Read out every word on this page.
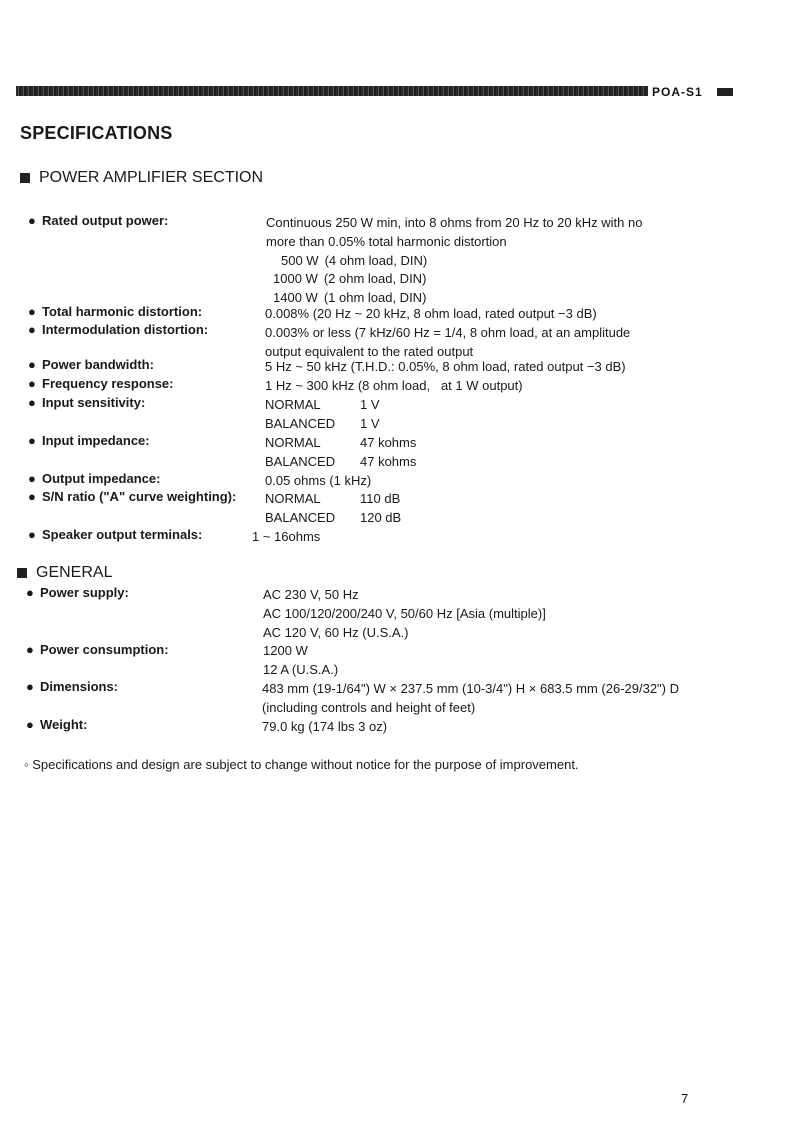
POA-S1
SPECIFICATIONS
POWER AMPLIFIER SECTION
● Rated output power:	Continuous 250 W min, into 8 ohms from 20 Hz to 20 kHz with no
more than 0.05% total harmonic distortion
500 W (4 ohm load, DIN)
1000 W (2 ohm load, DIN)
1400 W (1 ohm load, DIN)
● Total harmonic distortion:	0.008% (20 Hz ~ 20 kHz, 8 ohm load, rated output −3 dB)
● Intermodulation distortion:	0.003% or less (7 kHz/60 Hz = 1/4, 8 ohm load, at an amplitude
output equivalent to the rated output
● Power bandwidth:	5 Hz ~ 50 kHz (T.H.D.: 0.05%, 8 ohm load, rated output −3 dB)
● Frequency response:	1 Hz ~ 300 kHz (8 ohm load,   at 1 W output)
● Input sensitivity:	NORMAL	1 V
BALANCED 1 V
● Input impedance:	NORMAL	47 kohms
BALANCED 47 kohms
● Output impedance:	0.05 ohms (1 kHz)
● S/N ratio ("A" curve weighting): NORMAL	110 dB
BALANCED 120 dB
● Speaker output terminals:	1 ~ 16ohms
GENERAL
● Power supply:	AC 230 V, 50 Hz
AC 100/120/200/240 V, 50/60 Hz [Asia (multiple)]
AC 120 V, 60 Hz (U.S.A.)
● Power consumption:	1200 W
12 A (U.S.A.)
● Dimensions:	483 mm (19-1/64") W × 237.5 mm (10-3/4") H × 683.5 mm (26-29/32") D
(including controls and height of feet)
● Weight:	79.0 kg (174 lbs 3 oz)

◦ Specifications and design are subject to change without notice for the purpose of improvement.

7
